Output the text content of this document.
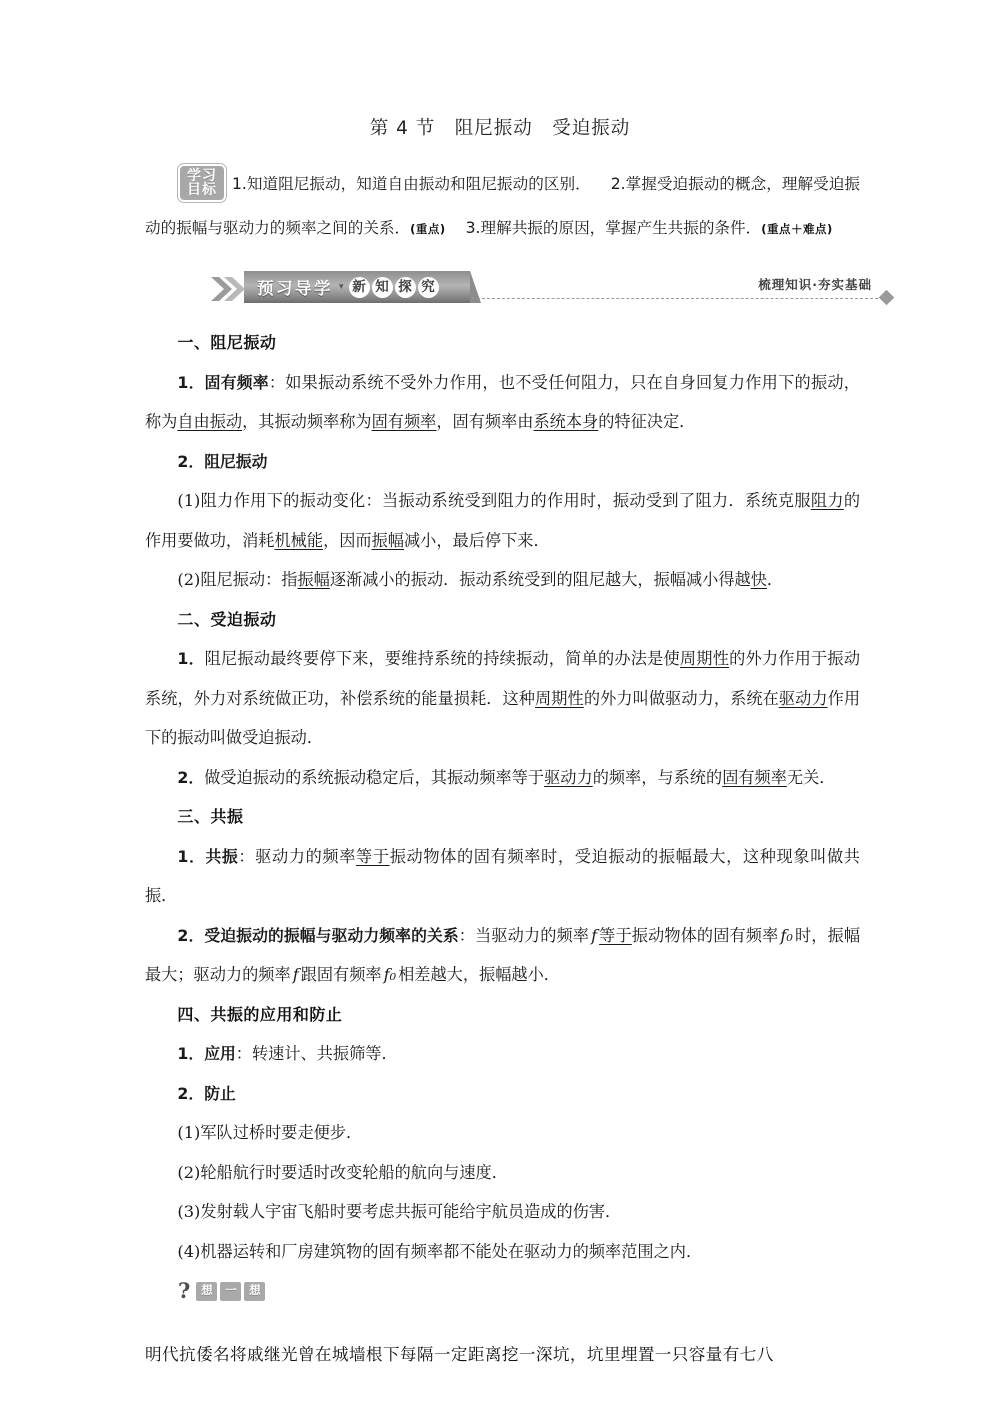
第 4 节　阻尼振动　受迫振动
学习
目标 1.知道阻尼振动，知道自由振动和阻尼振动的区别． 2.掌握受迫振动的概念，理解受迫振动的振幅与驱动力的频率之间的关系．(重点) 3.理解共振的原因，掌握产生共振的条件．(重点＋难点)
预习导学 ▾ 新 知 探 究	梳理知识·夯实基础

一、阻尼振动

1．固有频率：如果振动系统不受外力作用，也不受任何阻力，只在自身回复力作用下的振动，称为自由振动，其振动频率称为固有频率，固有频率由系统本身的特征决定．

2．阻尼振动

(1)阻力作用下的振动变化：当振动系统受到阻力的作用时，振动受到了阻力．系统克服阻力的作用要做功，消耗机械能，因而振幅减小，最后停下来．

(2)阻尼振动：指振幅逐渐减小的振动．振动系统受到的阻尼越大，振幅减小得越快．

二、受迫振动

1．阻尼振动最终要停下来，要维持系统的持续振动，简单的办法是使周期性的外力作用于振动系统，外力对系统做正功，补偿系统的能量损耗．这种周期性的外力叫做驱动力，系统在驱动力作用下的振动叫做受迫振动．

2．做受迫振动的系统振动稳定后，其振动频率等于驱动力的频率，与系统的固有频率无关．

三、共振

1．共振：驱动力的频率等于振动物体的固有频率时，受迫振动的振幅最大，这种现象叫做共振．

2．受迫振动的振幅与驱动力频率的关系：当驱动力的频率 f 等于振动物体的固有频率 f₀ 时，振幅最大；驱动力的频率 f 跟固有频率 f₀ 相差越大，振幅越小．

四、共振的应用和防止

1．应用：转速计、共振筛等．

2．防止

(1)军队过桥时要走便步．

(2)轮船航行时要适时改变轮船的航向与速度．

(3)发射载人宇宙飞船时要考虑共振可能给宇航员造成的伤害．

(4)机器运转和厂房建筑物的固有频率都不能处在驱动力的频率范围之内．

? 想	一	想
明代抗倭名将戚继光曾在城墙根下每隔一定距离挖一深坑，坑里埋置一只容量有七八
